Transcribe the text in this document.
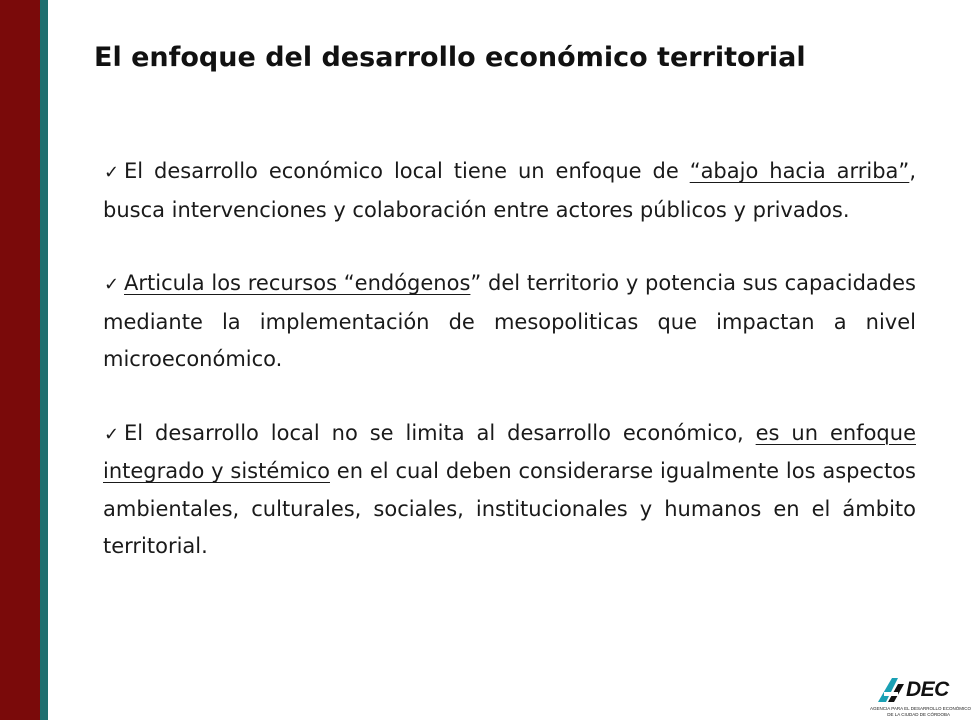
El enfoque del desarrollo económico territorial

✓ El desarrollo económico local tiene un enfoque de “abajo hacia arriba”, busca intervenciones y colaboración entre actores públicos y privados.

✓ Articula los recursos “endógenos” del territorio y potencia sus capacidades mediante la implementación de mesopoliticas que impactan a nivel microeconómico.

✓ El desarrollo local no se limita al desarrollo económico, es un enfoque integrado y sistémico en el cual deben considerarse igualmente los aspectos ambientales, culturales, sociales, institucionales y humanos en el ámbito territorial.

DEC
AGENCIA PARA EL DESARROLLO ECONÓMICO
DE LA CIUDAD DE CÓRDOBA
